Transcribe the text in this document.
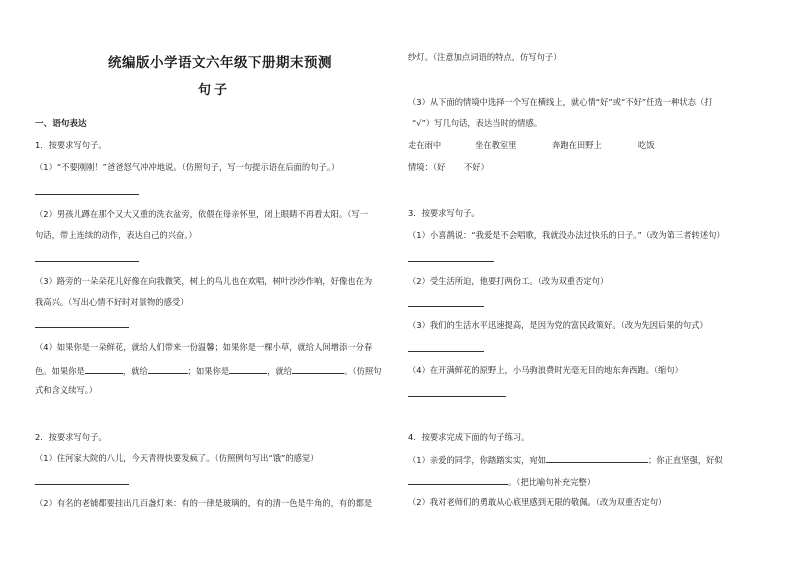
统编版小学语文六年级下册期末预测
句子
一、语句表达
1．按要求写句子。
（1）“不要刚刚！”爸爸怒气冲冲地说。（仿照句子，写一句提示语在后面的句子。）
（2）男孩儿蹲在那个又大又重的洗衣盆旁，依偎在母亲怀里，闭上眼睛不再看太阳。（写一
句话，带上连续的动作，表达自己的兴奋。）
（3）路旁的一朵朵花儿好像在向我微笑，树上的鸟儿也在欢唱，树叶沙沙作响，好像也在为
我高兴。（写出心情不好时对景物的感受）
（4）如果你是一朵鲜花，就给人们带来一份温馨；如果你是一棵小草，就给人间增添一分春
色。如果你是	，就给	；如果你是	，就给	。（仿照句
式和含义续写。）
2．按要求写句子。
（1）住河家大院的八儿，今天青得快要发疯了。（仿照例句写出“饿”的感觉）
（2）有名的老铺都要挂出几百盏灯来：有的一律是玻璃的，有的清一色是牛角的，有的都是
纱灯。（注意加点词语的特点，仿写句子）
（3）从下面的情境中选择一个写在横线上，就心情“好”或“不好”任选一种状态（打
“√”）写几句话，表达当时的情感。
走在雨中	坐在教室里	奔跑在田野上	吃饭
情境：（好 不好）
3．按要求写句子。
（1）小喜鹊说：“我爱是不会唱歌，我就没办法过快乐的日子。”（改为第三者转述句）
（2）受生活所迫，他要打两份工。（改为双重否定句）
（3）我们的生活水平迅速提高，是因为党的富民政策好。（改为先因后果的句式）
（4）在开满鲜花的原野上，小马驹浪费时光毫无目的地东奔西跑。（缩句）
4．按要求完成下面的句子练习。
（1）亲爱的同学，你踏踏实实，宛如	；你正直坚强，好似
。（把比喻句补充完整）
（2）我对老师们的勇敢从心底里感到无限的敬佩。（改为双重否定句）
